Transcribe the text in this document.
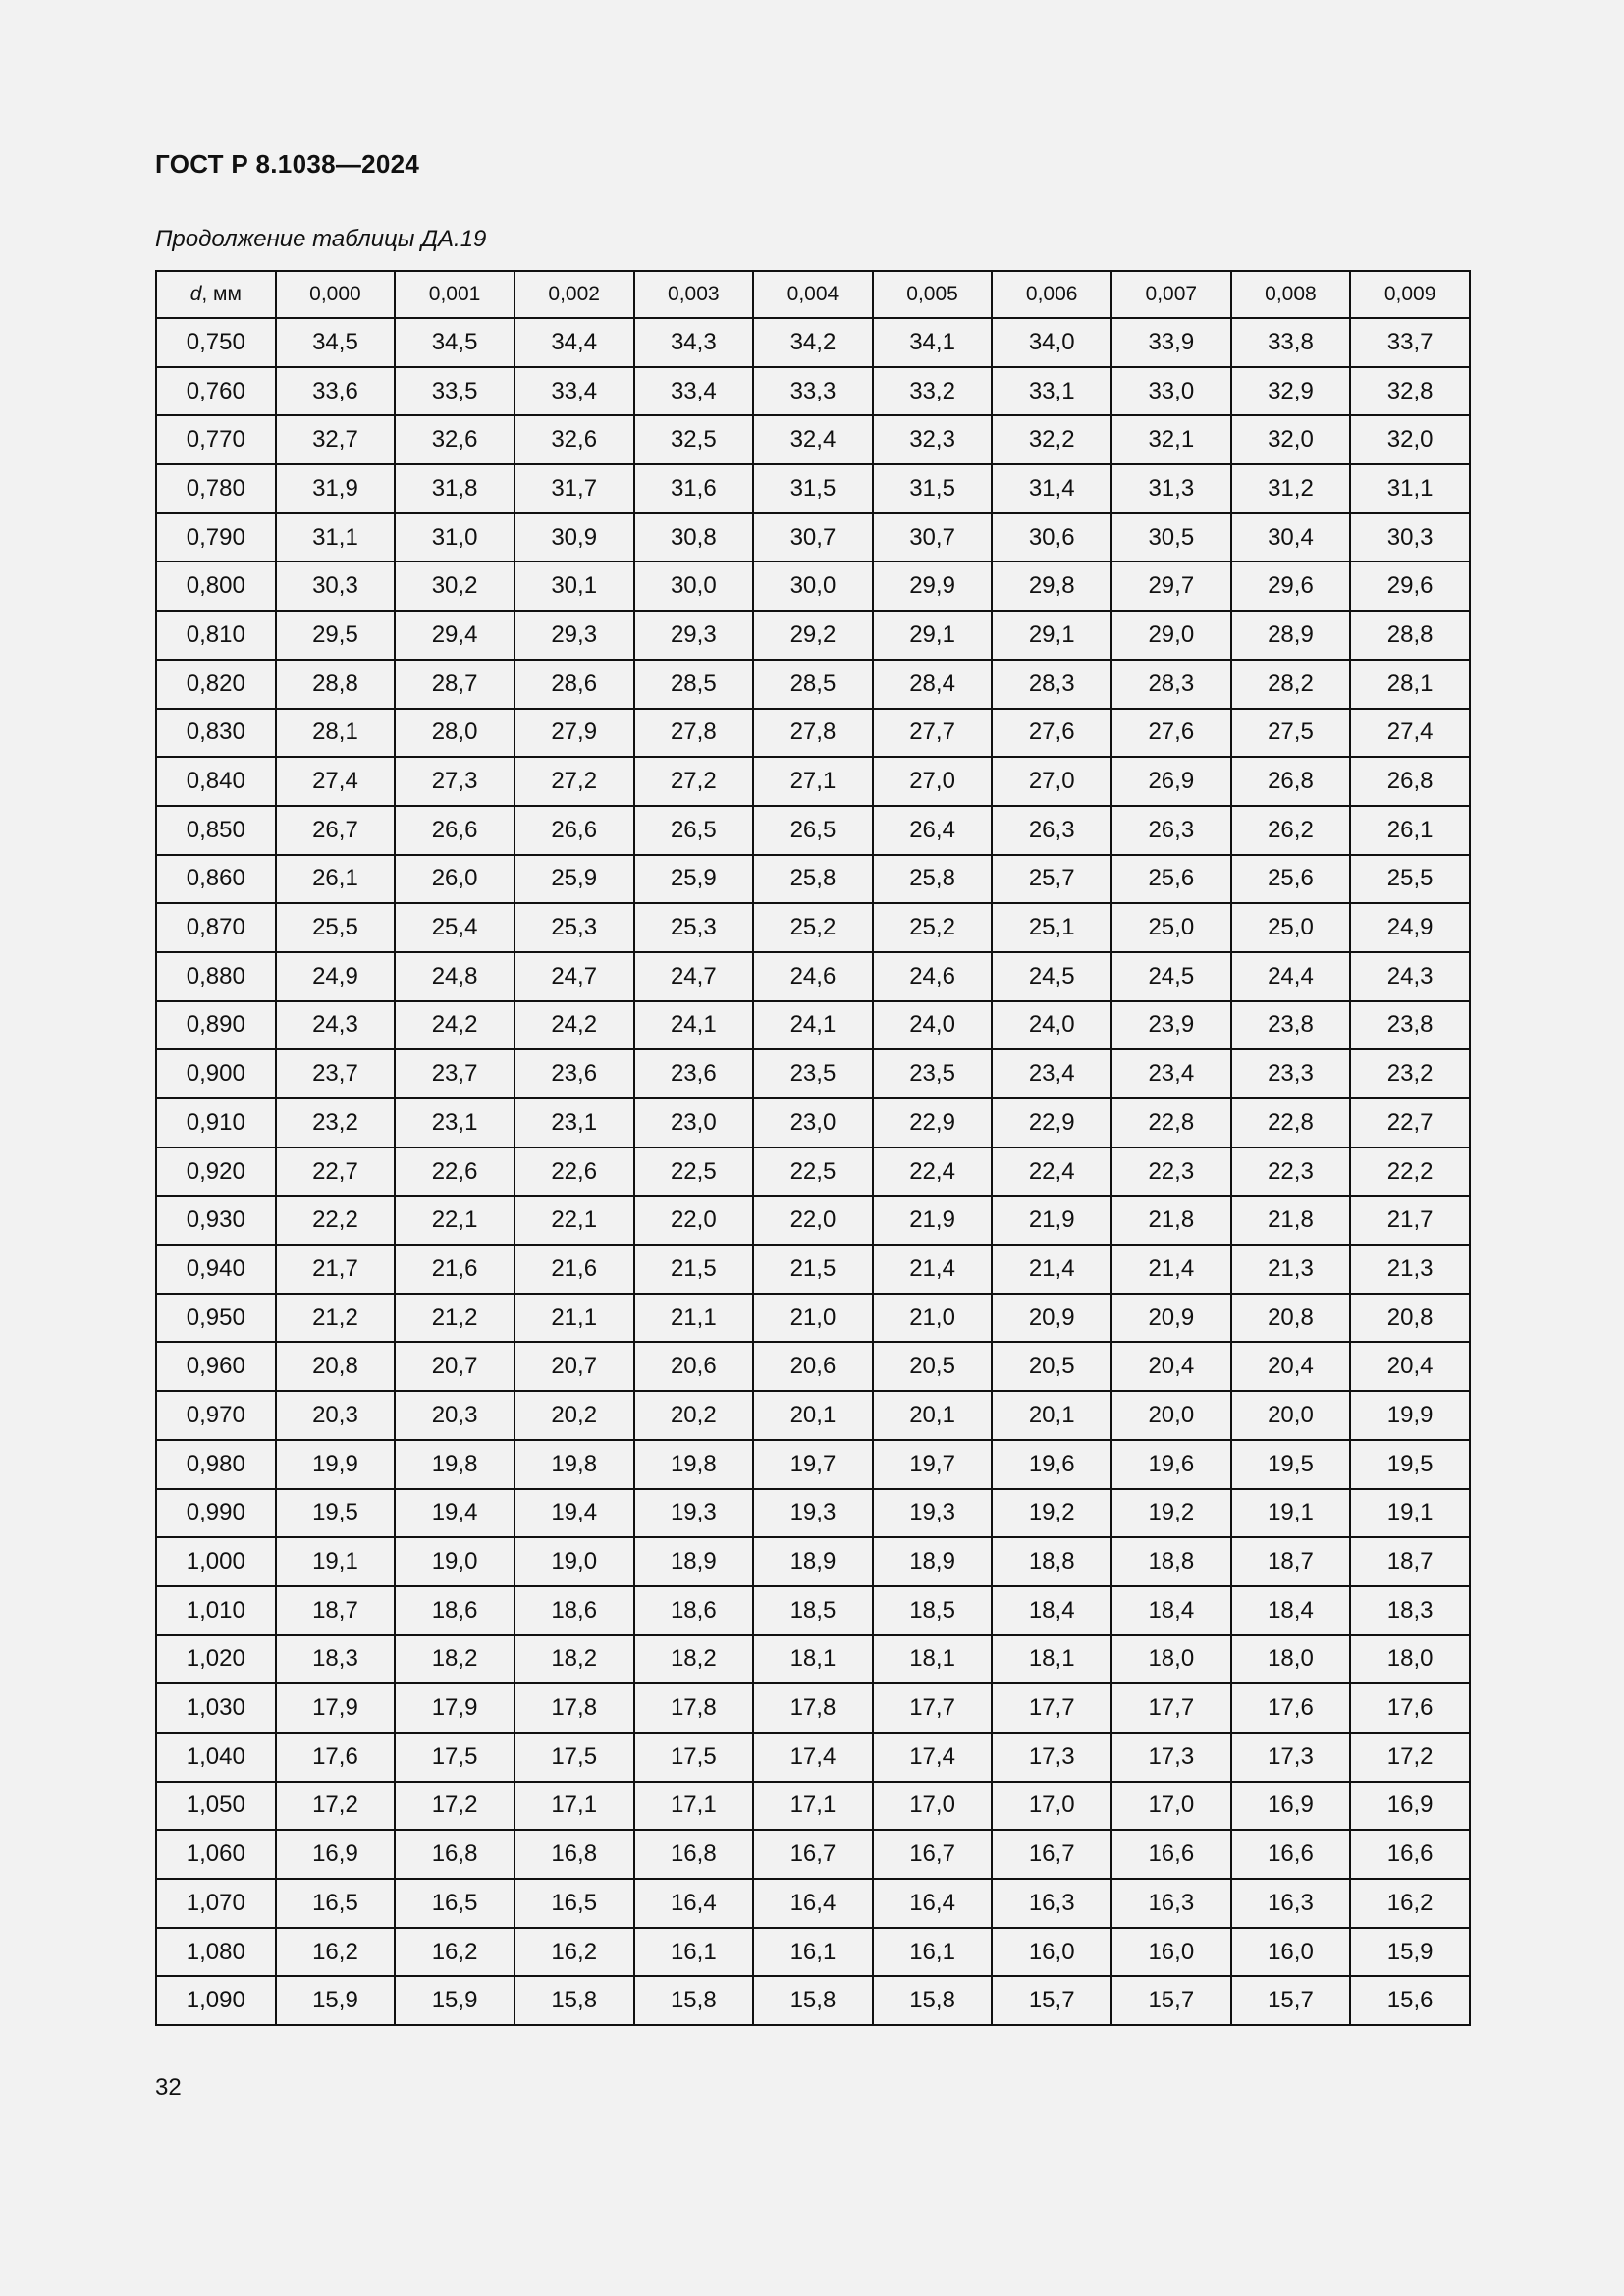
ГОСТ Р 8.1038—2024
Продолжение таблицы ДА.19
d, мм	0,000	0,001	0,002	0,003	0,004	0,005	0,006	0,007	0,008	0,009
0,750	34,5	34,5	34,4	34,3	34,2	34,1	34,0	33,9	33,8	33,7
0,760	33,6	33,5	33,4	33,4	33,3	33,2	33,1	33,0	32,9	32,8
0,770	32,7	32,6	32,6	32,5	32,4	32,3	32,2	32,1	32,0	32,0
0,780	31,9	31,8	31,7	31,6	31,5	31,5	31,4	31,3	31,2	31,1
0,790	31,1	31,0	30,9	30,8	30,7	30,7	30,6	30,5	30,4	30,3
0,800	30,3	30,2	30,1	30,0	30,0	29,9	29,8	29,7	29,6	29,6
0,810	29,5	29,4	29,3	29,3	29,2	29,1	29,1	29,0	28,9	28,8
0,820	28,8	28,7	28,6	28,5	28,5	28,4	28,3	28,3	28,2	28,1
0,830	28,1	28,0	27,9	27,8	27,8	27,7	27,6	27,6	27,5	27,4
0,840	27,4	27,3	27,2	27,2	27,1	27,0	27,0	26,9	26,8	26,8
0,850	26,7	26,6	26,6	26,5	26,5	26,4	26,3	26,3	26,2	26,1
0,860	26,1	26,0	25,9	25,9	25,8	25,8	25,7	25,6	25,6	25,5
0,870	25,5	25,4	25,3	25,3	25,2	25,2	25,1	25,0	25,0	24,9
0,880	24,9	24,8	24,7	24,7	24,6	24,6	24,5	24,5	24,4	24,3
0,890	24,3	24,2	24,2	24,1	24,1	24,0	24,0	23,9	23,8	23,8
0,900	23,7	23,7	23,6	23,6	23,5	23,5	23,4	23,4	23,3	23,2
0,910	23,2	23,1	23,1	23,0	23,0	22,9	22,9	22,8	22,8	22,7
0,920	22,7	22,6	22,6	22,5	22,5	22,4	22,4	22,3	22,3	22,2
0,930	22,2	22,1	22,1	22,0	22,0	21,9	21,9	21,8	21,8	21,7
0,940	21,7	21,6	21,6	21,5	21,5	21,4	21,4	21,4	21,3	21,3
0,950	21,2	21,2	21,1	21,1	21,0	21,0	20,9	20,9	20,8	20,8
0,960	20,8	20,7	20,7	20,6	20,6	20,5	20,5	20,4	20,4	20,4
0,970	20,3	20,3	20,2	20,2	20,1	20,1	20,1	20,0	20,0	19,9
0,980	19,9	19,8	19,8	19,8	19,7	19,7	19,6	19,6	19,5	19,5
0,990	19,5	19,4	19,4	19,3	19,3	19,3	19,2	19,2	19,1	19,1
1,000	19,1	19,0	19,0	18,9	18,9	18,9	18,8	18,8	18,7	18,7
1,010	18,7	18,6	18,6	18,6	18,5	18,5	18,4	18,4	18,4	18,3
1,020	18,3	18,2	18,2	18,2	18,1	18,1	18,1	18,0	18,0	18,0
1,030	17,9	17,9	17,8	17,8	17,8	17,7	17,7	17,7	17,6	17,6
1,040	17,6	17,5	17,5	17,5	17,4	17,4	17,3	17,3	17,3	17,2
1,050	17,2	17,2	17,1	17,1	17,1	17,0	17,0	17,0	16,9	16,9
1,060	16,9	16,8	16,8	16,8	16,7	16,7	16,7	16,6	16,6	16,6
1,070	16,5	16,5	16,5	16,4	16,4	16,4	16,3	16,3	16,3	16,2
1,080	16,2	16,2	16,2	16,1	16,1	16,1	16,0	16,0	16,0	15,9
1,090	15,9	15,9	15,8	15,8	15,8	15,8	15,7	15,7	15,7	15,6
32
